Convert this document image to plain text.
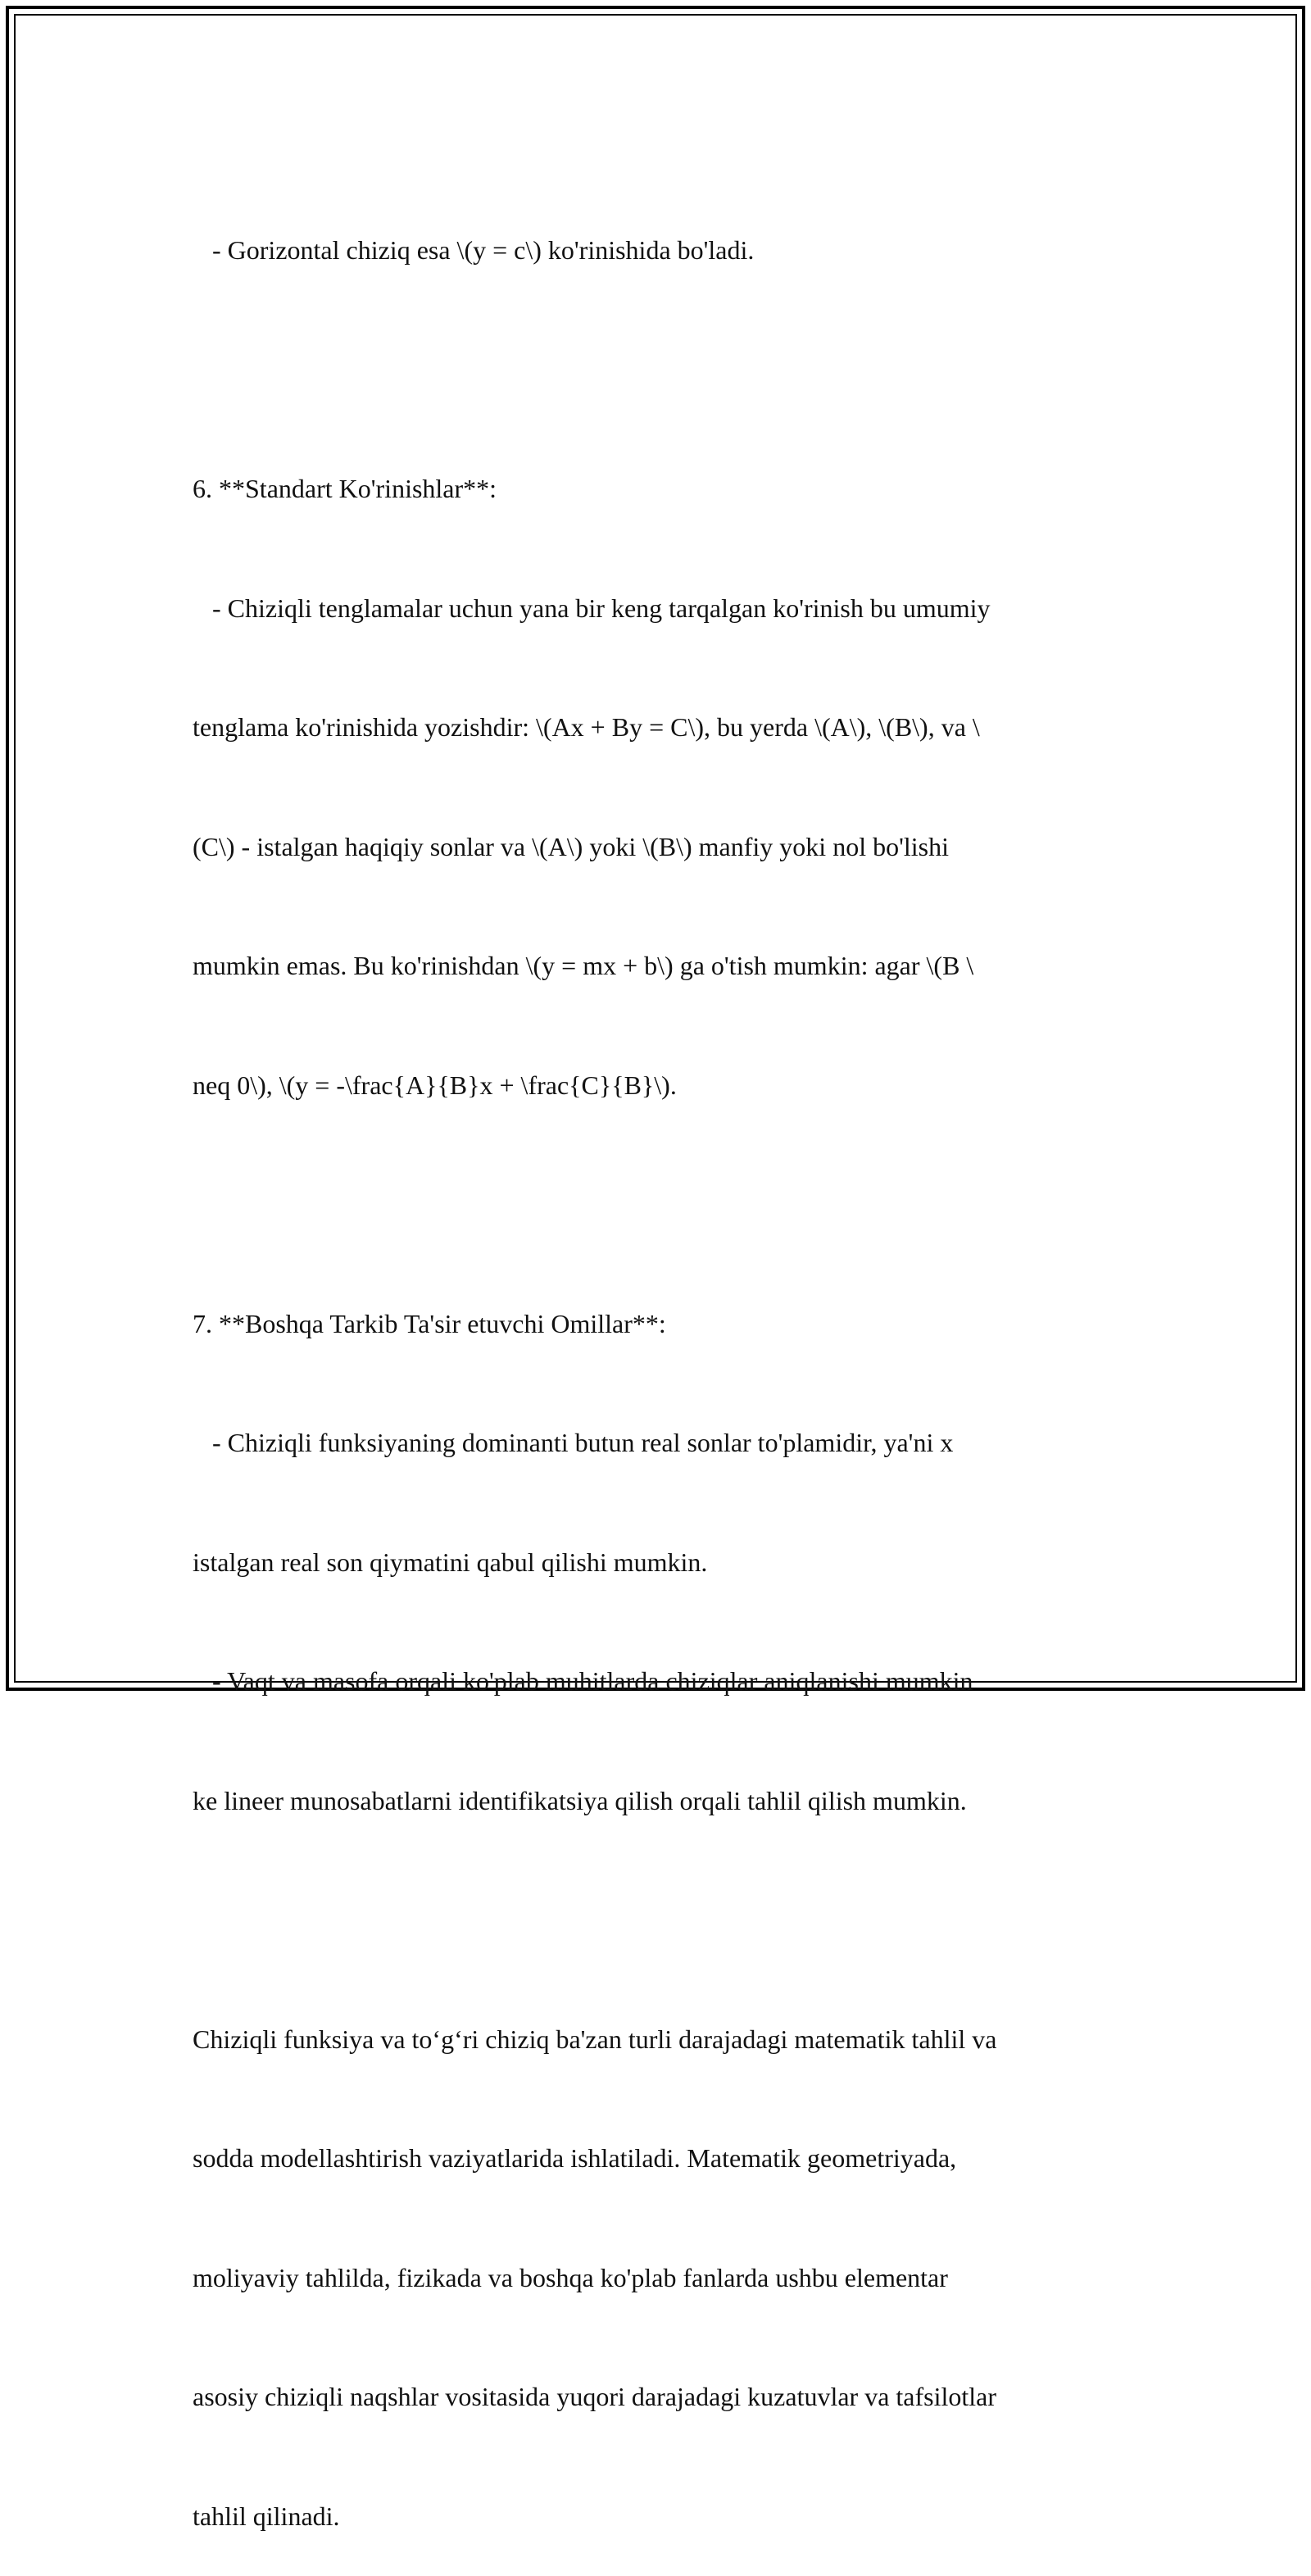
- Gorizontal chiziq esa \(y = c\) ko'rinishida bo'ladi.

6. **Standart Ko'rinishlar**:

- Chiziqli tenglamalar uchun yana bir keng tarqalgan ko'rinish bu umumiy

tenglama ko'rinishida yozishdir: \(Ax + By = C\), bu yerda \(A\), \(B\), va \

(C\) - istalgan haqiqiy sonlar va \(A\) yoki \(B\) manfiy yoki nol bo'lishi

mumkin emas. Bu ko'rinishdan \(y = mx + b\) ga o'tish mumkin: agar \(B \

neq 0\), \(y = -\frac{A}{B}x + \frac{C}{B}\).

7. **Boshqa Tarkib Ta'sir etuvchi Omillar**:

- Chiziqli funksiyaning dominanti butun real sonlar to'plamidir, ya'ni x

istalgan real son qiymatini qabul qilishi mumkin.

- Vaqt va masofa orqali ko'plab muhitlarda chiziqlar aniqlanishi mumkin

ke lineer munosabatlarni identifikatsiya qilish orqali tahlil qilish mumkin.

Chiziqli funksiya va to‘g‘ri chiziq ba'zan turli darajadagi matematik tahlil va

sodda modellashtirish vaziyatlarida ishlatiladi. Matematik geometriyada,

moliyaviy tahlilda, fizikada va boshqa ko'plab fanlarda ushbu elementar

asosiy chiziqli naqshlar vositasida yuqori darajadagi kuzatuvlar va tafsilotlar

tahlil qilinadi.
